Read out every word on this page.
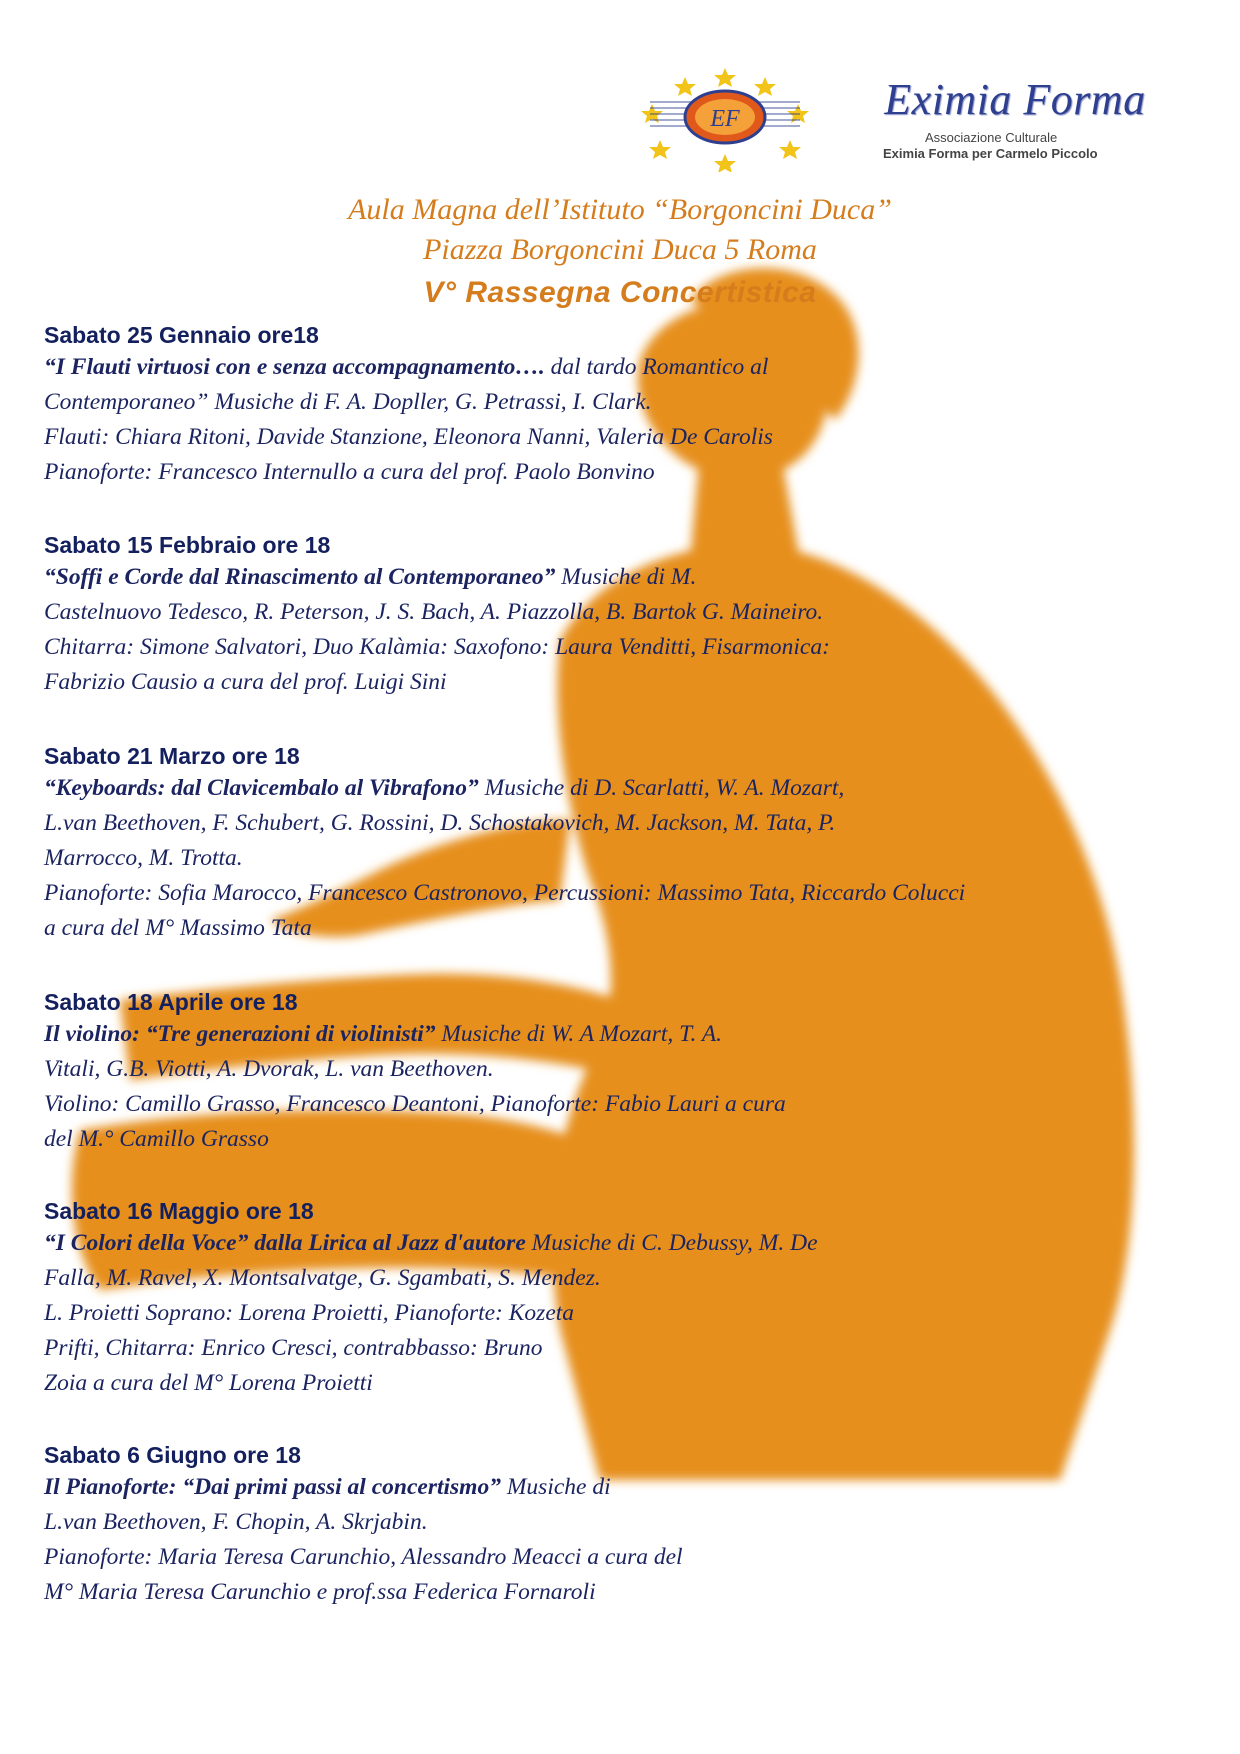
EF	Eximia Forma
Associazione Culturale
Eximia Forma per Carmelo Piccolo
Aula Magna dell’Istituto “Borgoncini Duca”
Piazza Borgoncini Duca 5 Roma
V° Rassegna Concertistica
Sabato 25 Gennaio ore18
“I Flauti virtuosi con e senza accompagnamento…. dal tardo Romantico al
Contemporaneo” Musiche di F. A. Dopller, G. Petrassi, I. Clark.
Flauti: Chiara Ritoni, Davide Stanzione, Eleonora Nanni, Valeria De Carolis
Pianoforte: Francesco Internullo a cura del prof. Paolo Bonvino
Sabato 15 Febbraio ore 18
“Soffi e Corde dal Rinascimento al Contemporaneo” Musiche di M.
Castelnuovo Tedesco, R. Peterson, J. S. Bach, A. Piazzolla, B. Bartok G. Maineiro.
Chitarra: Simone Salvatori, Duo Kalàmia: Saxofono: Laura Venditti, Fisarmonica:
Fabrizio Causio a cura del prof. Luigi Sini
Sabato 21 Marzo ore 18
“Keyboards: dal Clavicembalo al Vibrafono” Musiche di D. Scarlatti, W. A. Mozart,
L.van Beethoven, F. Schubert, G. Rossini, D. Schostakovich, M. Jackson, M. Tata, P.
Marrocco, M. Trotta.
Pianoforte: Sofia Marocco, Francesco Castronovo, Percussioni: Massimo Tata, Riccardo Colucci
a cura del M° Massimo Tata
Sabato 18 Aprile ore 18
Il violino: “Tre generazioni di violinisti” Musiche di W. A Mozart, T. A.
Vitali, G.B. Viotti, A. Dvorak, L. van Beethoven.
Violino: Camillo Grasso, Francesco Deantoni, Pianoforte: Fabio Lauri a cura
del M.° Camillo Grasso
Sabato 16 Maggio ore 18
“I Colori della Voce” dalla Lirica al Jazz d'autore Musiche di C. Debussy, M. De
Falla, M. Ravel, X. Montsalvatge, G. Sgambati, S. Mendez.
L. Proietti Soprano: Lorena Proietti, Pianoforte: Kozeta
Prifti, Chitarra: Enrico Cresci, contrabbasso: Bruno
Zoia a cura del M° Lorena Proietti
Sabato 6 Giugno ore 18
Il Pianoforte: “Dai primi passi al concertismo” Musiche di
L.van Beethoven, F. Chopin, A. Skrjabin.
Pianoforte: Maria Teresa Carunchio, Alessandro Meacci a cura del
M° Maria Teresa Carunchio e prof.ssa Federica Fornaroli
